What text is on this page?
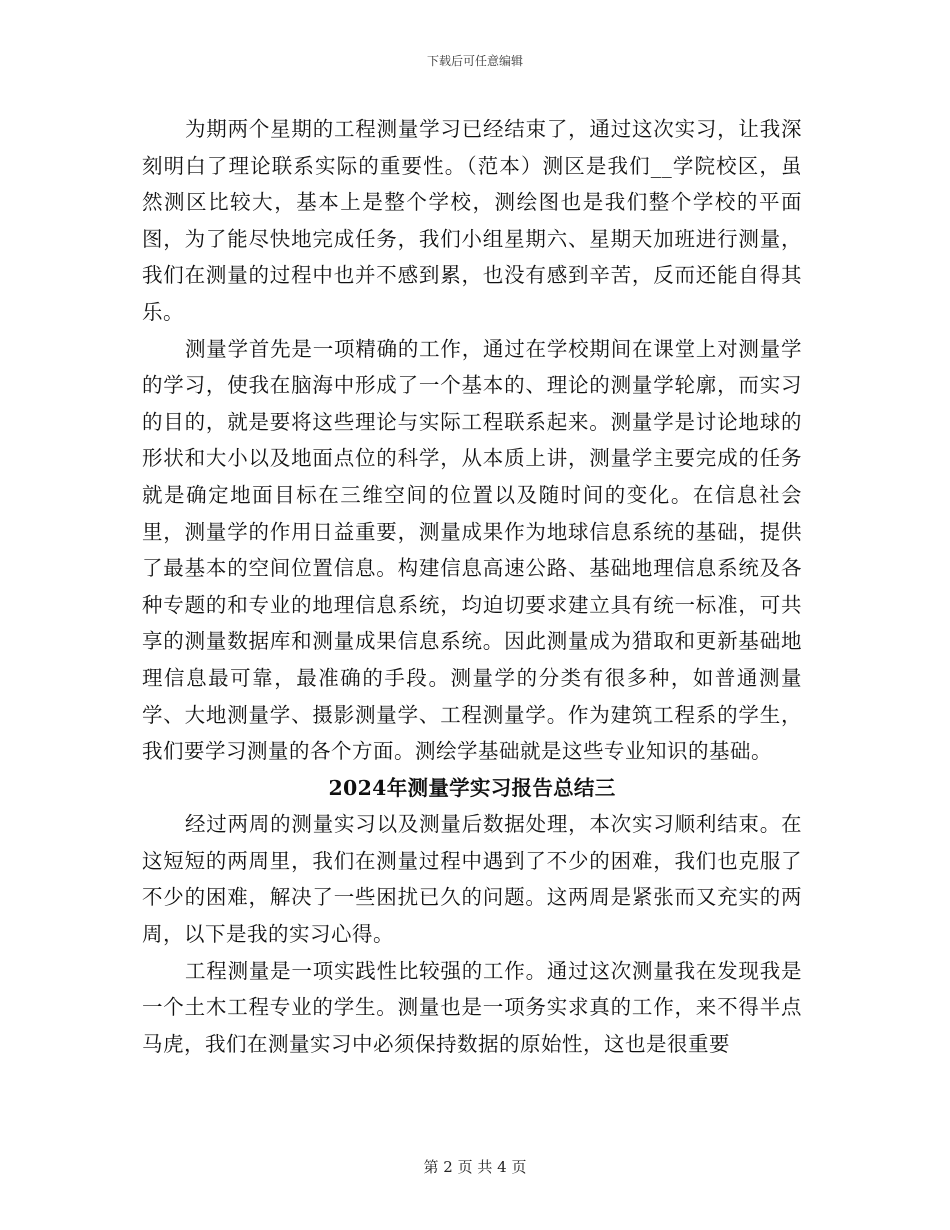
下载后可任意编辑

为期两个星期的工程测量学习已经结束了，通过这次实习，让我深刻明白了理论联系实际的重要性。（范本）测区是我们__学院校区，虽然测区比较大，基本上是整个学校，测绘图也是我们整个学校的平面图，为了能尽快地完成任务，我们小组星期六、星期天加班进行测量，我们在测量的过程中也并不感到累，也没有感到辛苦，反而还能自得其乐。

测量学首先是一项精确的工作，通过在学校期间在课堂上对测量学的学习，使我在脑海中形成了一个基本的、理论的测量学轮廓，而实习的目的，就是要将这些理论与实际工程联系起来。测量学是讨论地球的形状和大小以及地面点位的科学，从本质上讲，测量学主要完成的任务就是确定地面目标在三维空间的位置以及随时间的变化。在信息社会里，测量学的作用日益重要，测量成果作为地球信息系统的基础，提供了最基本的空间位置信息。构建信息高速公路、基础地理信息系统及各种专题的和专业的地理信息系统，均迫切要求建立具有统一标准，可共享的测量数据库和测量成果信息系统。因此测量成为猎取和更新基础地理信息最可靠，最准确的手段。测量学的分类有很多种，如普通测量学、大地测量学、摄影测量学、工程测量学。作为建筑工程系的学生，我们要学习测量的各个方面。测绘学基础就是这些专业知识的基础。

2024年测量学实习报告总结三

经过两周的测量实习以及测量后数据处理，本次实习顺利结束。在这短短的两周里，我们在测量过程中遇到了不少的困难，我们也克服了不少的困难，解决了一些困扰已久的问题。这两周是紧张而又充实的两周，以下是我的实习心得。

工程测量是一项实践性比较强的工作。通过这次测量我在发现我是一个土木工程专业的学生。测量也是一项务实求真的工作，来不得半点马虎，我们在测量实习中必须保持数据的原始性，这也是很重要

第 2 页 共 4 页
